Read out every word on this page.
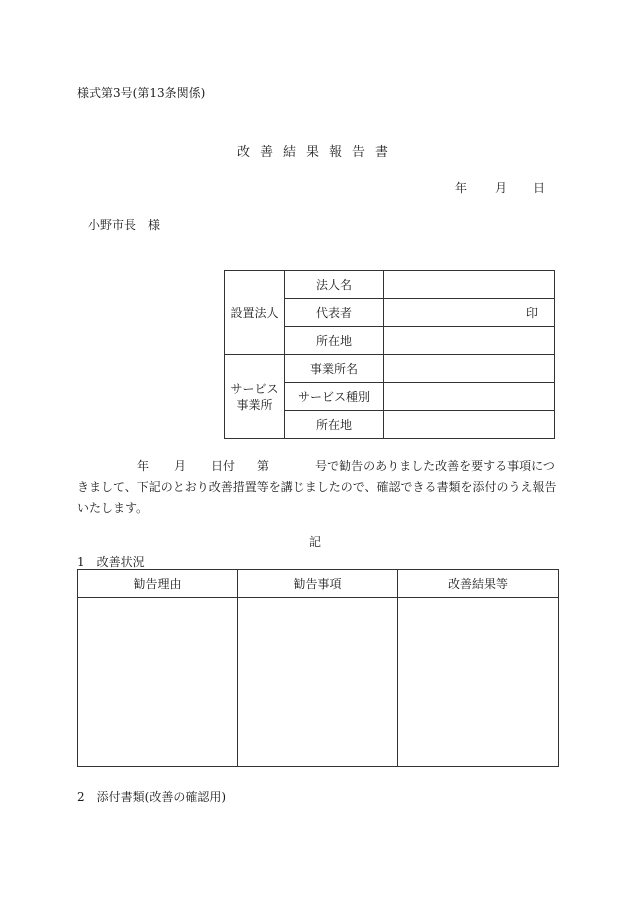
様式第3号(第13条関係)
改善結果報告書
年 月 日
小野市長　様
設置法人	法人名	
	代表者	印
	所在地	
サービス
事業所	事業所名	
	サービス種別	
	所在地	
年 月 日付 第	号で勧告のありました改善を要する事項につきまして、下記のとおり改善措置等を講じましたので、確認できる書類を添付のうえ報告いたします。
記
1　改善状況
勧告理由	勧告事項	改善結果等

2　添付書類(改善の確認用)
